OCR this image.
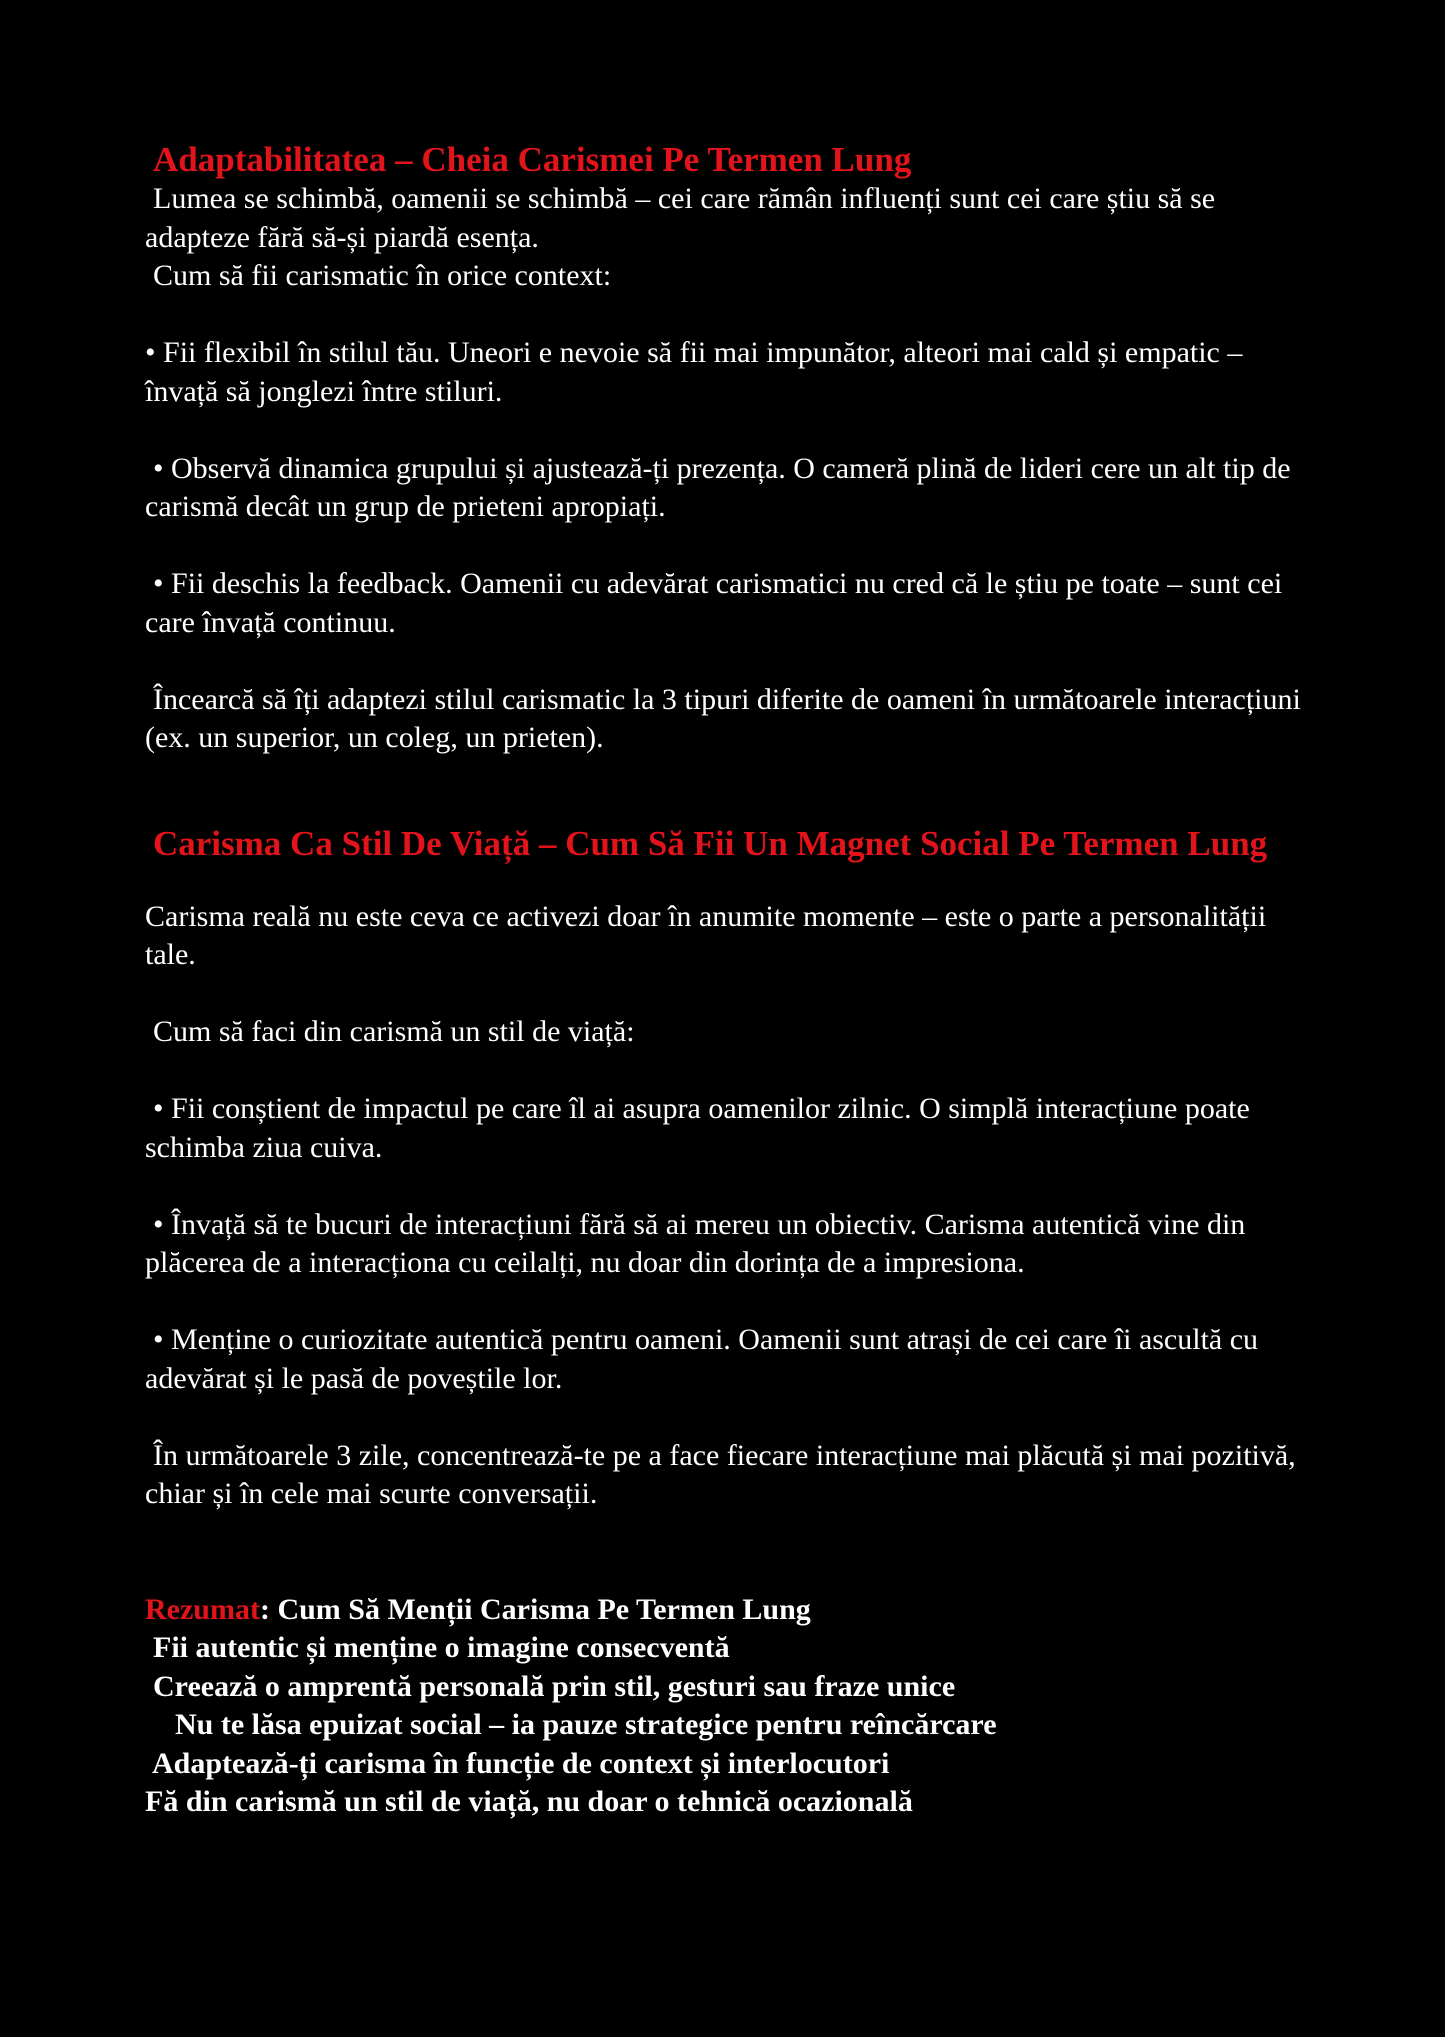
Adaptabilitatea – Cheia Carismei Pe Termen Lung

Lumea se schimbă, oamenii se schimbă – cei care rămân influenți sunt cei care știu să se adapteze fără să-și piardă esența.

Cum să fii carismatic în orice context:

• Fii flexibil în stilul tău. Uneori e nevoie să fii mai impunător, alteori mai cald și empatic – învață să jonglezi între stiluri.

• Observă dinamica grupului și ajustează-ți prezența. O cameră plină de lideri cere un alt tip de carismă decât un grup de prieteni apropiați.

• Fii deschis la feedback. Oamenii cu adevărat carismatici nu cred că le știu pe toate – sunt cei care învață continuu.

Încearcă să îți adaptezi stilul carismatic la 3 tipuri diferite de oameni în următoarele interacțiuni (ex. un superior, un coleg, un prieten).

Carisma Ca Stil De Viață – Cum Să Fii Un Magnet Social Pe Termen Lung

Carisma reală nu este ceva ce activezi doar în anumite momente – este o parte a personalității tale.

Cum să faci din carismă un stil de viață:

• Fii conștient de impactul pe care îl ai asupra oamenilor zilnic. O simplă interacțiune poate schimba ziua cuiva.

• Învață să te bucuri de interacțiuni fără să ai mereu un obiectiv. Carisma autentică vine din plăcerea de a interacționa cu ceilalți, nu doar din dorința de a impresiona.

• Menține o curiozitate autentică pentru oameni. Oamenii sunt atrași de cei care îi ascultă cu adevărat și le pasă de poveștile lor.

În următoarele 3 zile, concentrează-te pe a face fiecare interacțiune mai plăcută și mai pozitivă, chiar și în cele mai scurte conversații.

Rezumat: Cum Să Menții Carisma Pe Termen Lung

Fii autentic și menține o imagine consecventă

Creează o amprentă personală prin stil, gesturi sau fraze unice

Nu te lăsa epuizat social – ia pauze strategice pentru reîncărcare

Adaptează-ți carisma în funcție de context și interlocutori

Fă din carismă un stil de viață, nu doar o tehnică ocazională
